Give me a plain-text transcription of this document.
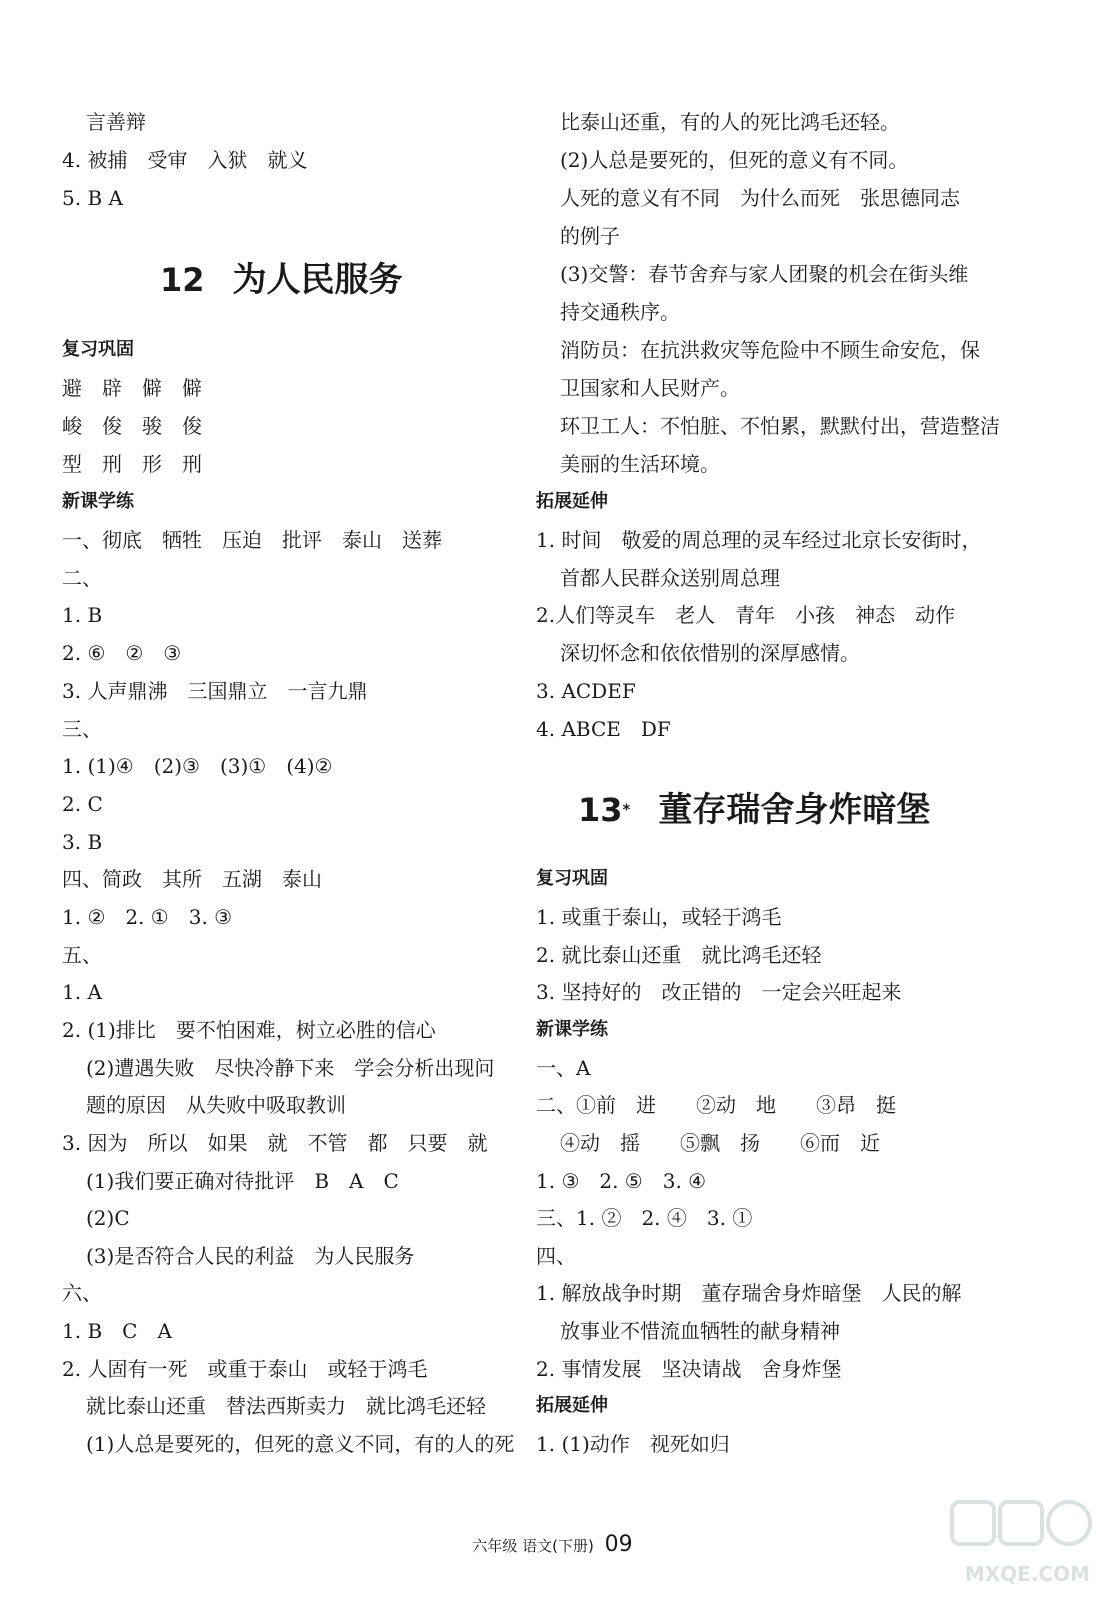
言善辩
4. 被捕　受审　入狱　就义
5. B A
复习巩固
避　辟　僻　僻
峻　俊　骏　俊
型　刑　形　刑
新课学练
一、彻底　牺牲　压迫　批评　泰山　送葬
二、
1. B
2. ⑥　②　③
3. 人声鼎沸　三国鼎立　一言九鼎
三、
1. (1)④　(2)③　(3)①　(4)②
2. C
3. B
四、简政　其所　五湖　泰山
1. ②　2. ①　3. ③
五、
1. A
2. (1)排比　要不怕困难，树立必胜的信心
(2)遭遇失败　尽快冷静下来　学会分析出现问
题的原因　从失败中吸取教训
3. 因为　所以　如果　就　不管　都　只要　就
(1)我们要正确对待批评　B　A　C
(2)C
(3)是否符合人民的利益　为人民服务
六、
1. B　C　A
2. 人固有一死　或重于泰山　或轻于鸿毛
就比泰山还重　替法西斯卖力　就比鸿毛还轻
(1)人总是要死的，但死的意义不同，有的人的死
比泰山还重，有的人的死比鸿毛还轻。
(2)人总是要死的，但死的意义有不同。
人死的意义有不同　为什么而死　张思德同志
的例子
(3)交警：春节舍弃与家人团聚的机会在街头维
持交通秩序。
消防员：在抗洪救灾等危险中不顾生命安危，保
卫国家和人民财产。
环卫工人：不怕脏、不怕累，默默付出，营造整洁
美丽的生活环境。
拓展延伸
1. 时间　敬爱的周总理的灵车经过北京长安街时，
首都人民群众送别周总理
2.人们等灵车　老人　青年　小孩　神态　动作
深切怀念和依依惜别的深厚感情。
3. ACDEF
4. ABCE　DF
复习巩固
1. 或重于泰山，或轻于鸿毛
2. 就比泰山还重　就比鸿毛还轻
3. 坚持好的　改正错的　一定会兴旺起来
新课学练
一、A
二、①前　进　　②动　地　　③昂　挺
④动　摇　　⑤飘　扬　　⑥而　近
1. ③　2. ⑤　3. ④
三、1. ②　2. ④　3. ①
四、
1. 解放战争时期　董存瑞舍身炸暗堡　人民的解
放事业不惜流血牺牲的献身精神
2. 事情发展　坚决请战　舍身炸堡
拓展延伸
1. (1)动作　视死如归
12 为人民服务
13* 董存瑞舍身炸暗堡
六年级 语文(下册) 09
MXQE.COM
